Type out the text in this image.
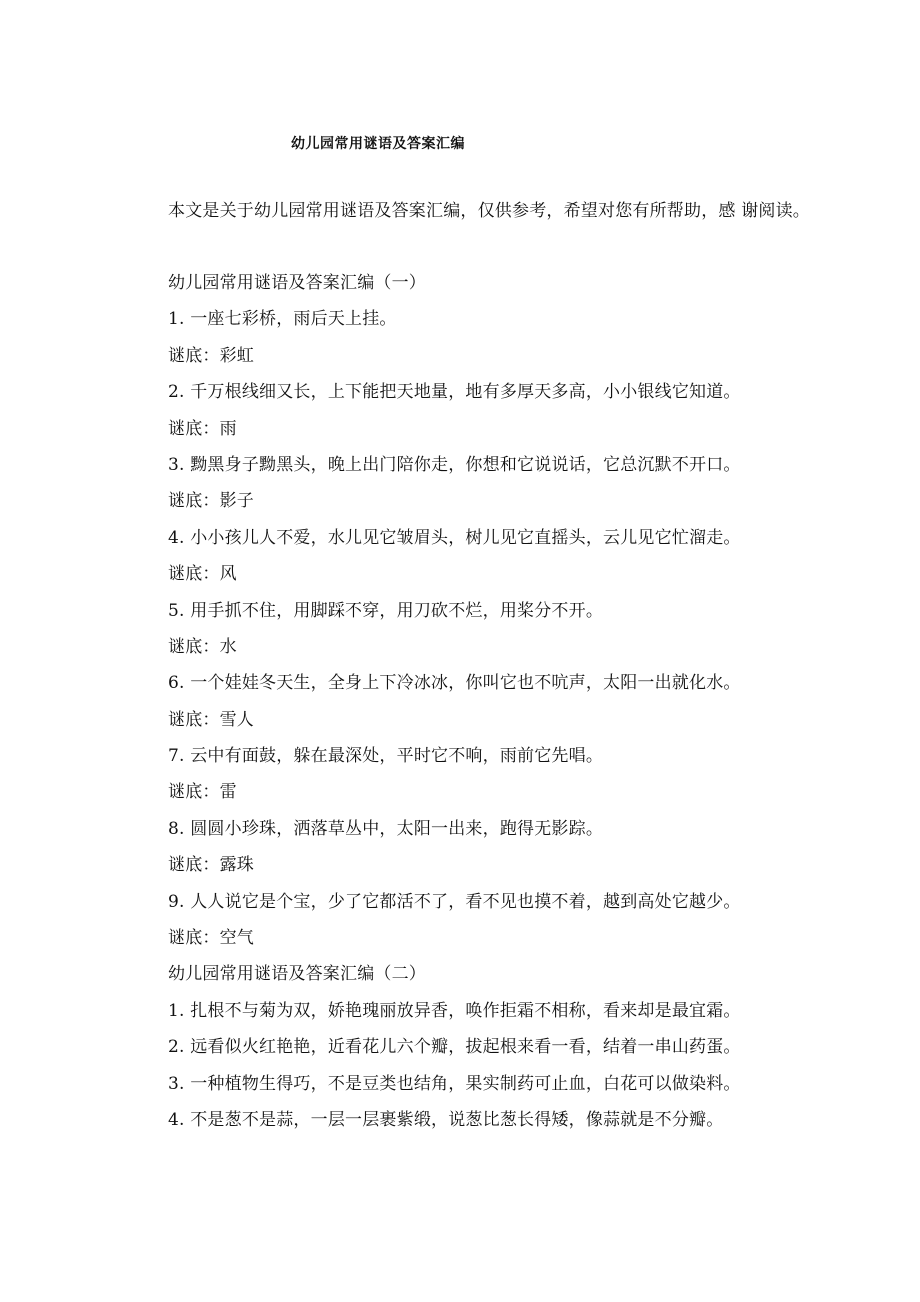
幼儿园常用谜语及答案汇编

本文是关于幼儿园常用谜语及答案汇编，仅供参考，希望对您有所帮助，感 谢阅读。

幼儿园常用谜语及答案汇编（一）
1. 一座七彩桥，雨后天上挂。
谜底：彩虹
2. 千万根线细又长，上下能把天地量，地有多厚天多高，小小银线它知道。
谜底：雨
3. 黝黑身子黝黑头，晚上出门陪你走，你想和它说说话，它总沉默不开口。
谜底：影子
4. 小小孩儿人不爱，水儿见它皱眉头，树儿见它直摇头，云儿见它忙溜走。
谜底：风
5. 用手抓不住，用脚踩不穿，用刀砍不烂，用桨分不开。
谜底：水
6. 一个娃娃冬天生，全身上下冷冰冰，你叫它也不吭声，太阳一出就化水。
谜底：雪人
7. 云中有面鼓，躲在最深处，平时它不响，雨前它先唱。
谜底：雷
8. 圆圆小珍珠，洒落草丛中，太阳一出来，跑得无影踪。
谜底：露珠
9. 人人说它是个宝，少了它都活不了，看不见也摸不着，越到高处它越少。
谜底：空气
幼儿园常用谜语及答案汇编（二）
1. 扎根不与菊为双，娇艳瑰丽放异香，唤作拒霜不相称，看来却是最宜霜。
2. 远看似火红艳艳，近看花儿六个瓣，拔起根来看一看，结着一串山药蛋。
3. 一种植物生得巧，不是豆类也结角，果实制药可止血，白花可以做染料。
4. 不是葱不是蒜，一层一层裹紫缎，说葱比葱长得矮，像蒜就是不分瓣。
